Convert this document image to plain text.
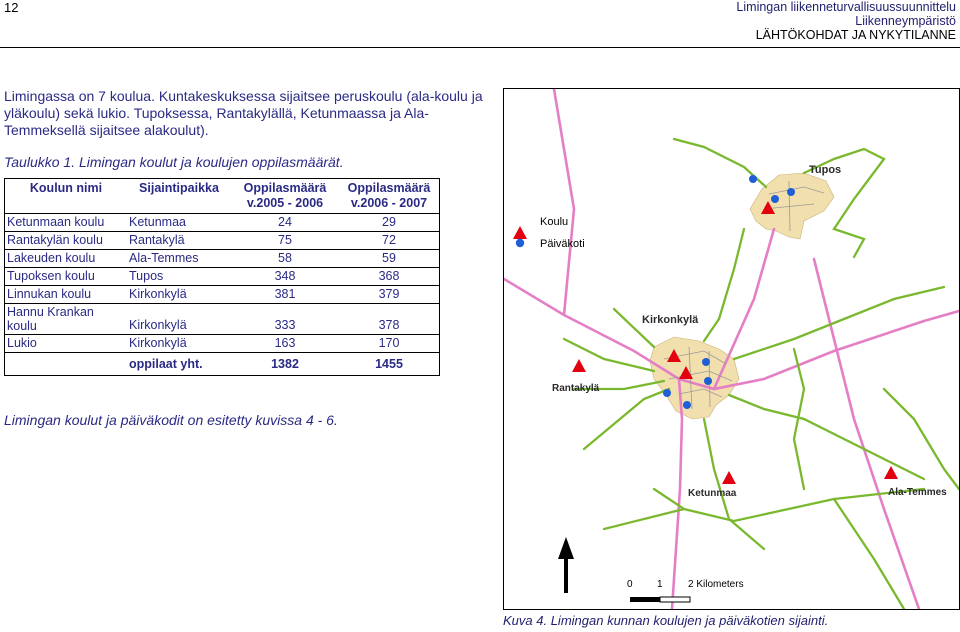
12	Limingan liikenneturvallisuussuunnittelu
Liikenneympäristö
LÄHTÖKOHDAT JA NYKYTILANNE
Limingassa on 7 koulua. Kuntakeskuksessa sijaitsee peruskoulu (ala-koulu ja yläkoulu) sekä lukio. Tupoksessa, Rantakylällä, Ketunmaassa ja Ala-Temmeksellä sijaitsee alakoulut).
Taulukko 1. Limingan koulut ja koulujen oppilasmäärät.
Koulun nimi	Sijaintipaikka	Oppilasmäärä v.2005 - 2006	Oppilasmäärä v.2006 - 2007
Ketunmaan koulu	Ketunmaa	24	29
Rantakylän koulu	Rantakylä	75	72
Lakeuden koulu	Ala-Temmes	58	59
Tupoksen koulu	Tupos	348	368
Linnukan koulu	Kirkonkylä	381	379
Hannu Krankan koulu	Kirkonkylä	333	378
Lukio	Kirkonkylä	163	170
	oppilaat yht.	1382	1455
Limingan koulut ja päiväkodit on esitetty kuvissa 4 - 6.
Koulu
Päiväkoti
Tupos
Kirkonkylä
Rantakylä
Ketunmaa	Ala-Temmes
0 1	2 Kilometers
Kuva 4. Limingan kunnan koulujen ja päiväkotien sijainti.
